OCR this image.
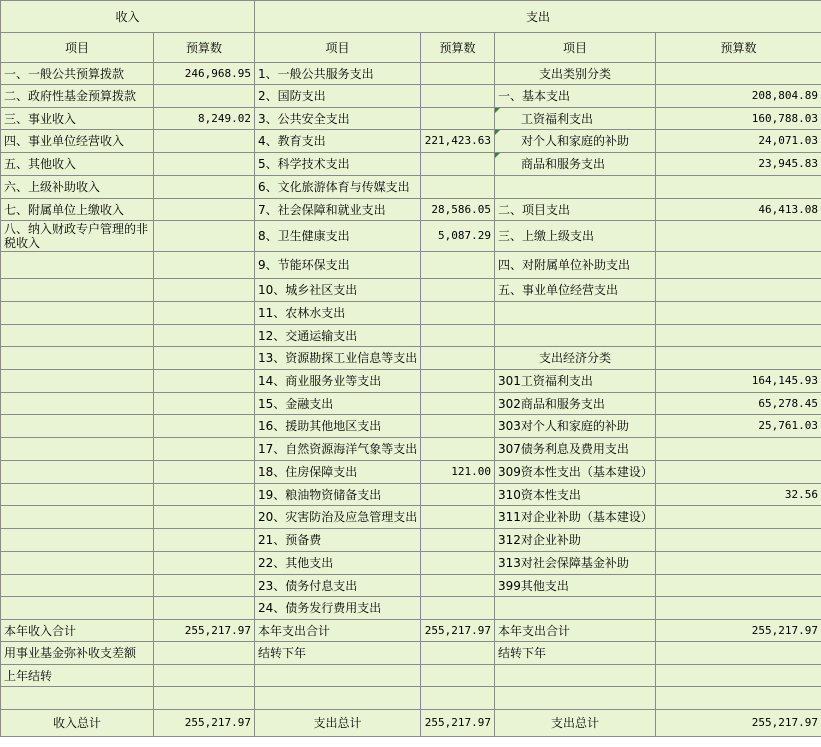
收入		支出			
项目	预算数	项目	预算数	项目	预算数
一、一般公共预算拨款	246,968.95	1、一般公共服务支出		支出类别分类	
二、政府性基金预算拨款		2、国防支出		一、基本支出	208,804.89
三、事业收入	8,249.02	3、公共安全支出		工资福利支出	160,788.03
四、事业单位经营收入		4、教育支出	221,423.63	对个人和家庭的补助	24,071.03
五、其他收入		5、科学技术支出		商品和服务支出	23,945.83
六、上级补助收入		6、文化旅游体育与传媒支出			
七、附属单位上缴收入		7、社会保障和就业支出	28,586.05	二、项目支出	46,413.08
八、纳入财政专户管理的非税收入		8、卫生健康支出	5,087.29	三、上缴上级支出	
		9、节能环保支出		四、对附属单位补助支出	
		10、城乡社区支出		五、事业单位经营支出	
		11、农林水支出			
		12、交通运输支出			
		13、资源勘探工业信息等支出		支出经济分类	
		14、商业服务业等支出		301工资福利支出	164,145.93
		15、金融支出		302商品和服务支出	65,278.45
		16、援助其他地区支出		303对个人和家庭的补助	25,761.03
		17、自然资源海洋气象等支出		307债务利息及费用支出	
		18、住房保障支出	121.00	309资本性支出（基本建设）	
		19、粮油物资储备支出		310资本性支出	32.56
		20、灾害防治及应急管理支出		311对企业补助（基本建设）	
		21、预备费		312对企业补助	
		22、其他支出		313对社会保障基金补助	
		23、债务付息支出		399其他支出	
		24、债务发行费用支出			
本年收入合计	255,217.97	本年支出合计	255,217.97	本年支出合计	255,217.97
用事业基金弥补收支差额		结转下年		结转下年	
上年结转					

收入总计	255,217.97	支出总计	255,217.97	支出总计	255,217.97
